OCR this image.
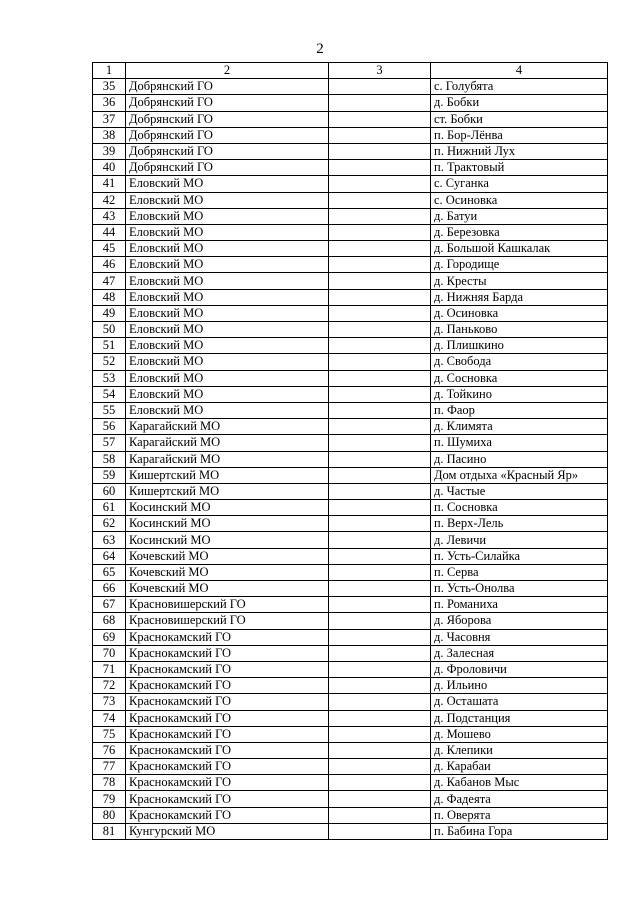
2
1	2	3	4
35	Добрянский ГО		с. Голубята
36	Добрянский ГО		д. Бобки
37	Добрянский ГО		ст. Бобки
38	Добрянский ГО		п. Бор-Лёнва
39	Добрянский ГО		п. Нижний Лух
40	Добрянский ГО		п. Трактовый
41	Еловский МО		с. Суганка
42	Еловский МО		с. Осиновка
43	Еловский МО		д. Батуи
44	Еловский МО		д. Березовка
45	Еловский МО		д. Большой Кашкалак
46	Еловский МО		д. Городище
47	Еловский МО		д. Кресты
48	Еловский МО		д. Нижняя Барда
49	Еловский МО		д. Осиновка
50	Еловский МО		д. Паньково
51	Еловский МО		д. Плишкино
52	Еловский МО		д. Свобода
53	Еловский МО		д. Сосновка
54	Еловский МО		д. Тойкино
55	Еловский МО		п. Фаор
56	Карагайский МО		д. Климята
57	Карагайский МО		п. Шумиха
58	Карагайский МО		д. Пасино
59	Кишертский МО		Дом отдыха «Красный Яр»
60	Кишертский МО		д. Частые
61	Косинский МО		п. Сосновка
62	Косинский МО		п. Верх-Лель
63	Косинский МО		д. Левичи
64	Кочевский МО		п. Усть-Силайка
65	Кочевский МО		п. Серва
66	Кочевский МО		п. Усть-Онолва
67	Красновишерский ГО		п. Романиха
68	Красновишерский ГО		д. Яборова
69	Краснокамский ГО		д. Часовня
70	Краснокамский ГО		д. Залесная
71	Краснокамский ГО		д. Фроловичи
72	Краснокамский ГО		д. Ильино
73	Краснокамский ГО		д. Осташата
74	Краснокамский ГО		д. Подстанция
75	Краснокамский ГО		д. Мошево
76	Краснокамский ГО		д. Клепики
77	Краснокамский ГО		д. Карабаи
78	Краснокамский ГО		д. Кабанов Мыс
79	Краснокамский ГО		д. Фадеята
80	Краснокамский ГО		п. Оверята
81	Кунгурский МО		п. Бабина Гора
